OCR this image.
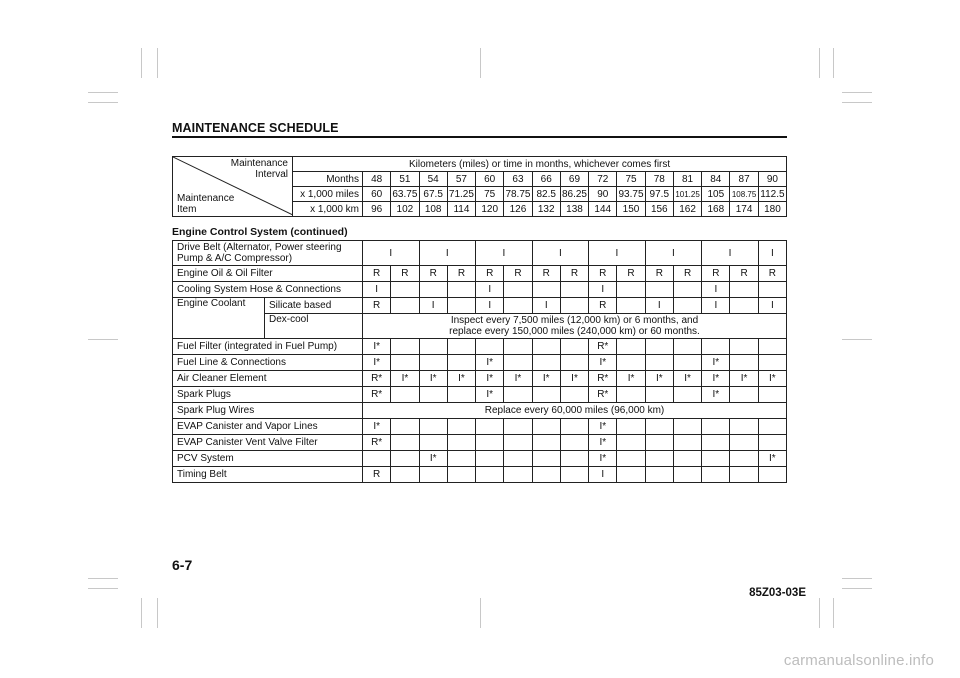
MAINTENANCE SCHEDULE
Maintenance
Interval
Maintenance
Item	Kilometers (miles) or time in months, whichever comes first															
	Months	48	51	54	57	60	63	66	69	72	75	78	81	84	87	90
	x 1,000 miles	60	63.75	67.5	71.25	75	78.75	82.5	86.25	90	93.75	97.5	101.25	105	108.75	112.5
	x 1,000 km	96	102	108	114	120	126	132	138	144	150	156	162	168	174	180
Engine Control System (continued)
Drive Belt (Alternator, Power steering
Pump & A/C Compressor)		I		I		I		I		I		I		I		I
Engine Oil & Oil Filter		R	R	R	R	R	R	R	R	R	R	R	R	R	R	R
Cooling System Hose & Connections		I				I				I				I		
Engine Coolant	Silicate based	R		I		I		I		R		I		I		I
	Dex-cool	Inspect every 7,500 miles (12,000 km) or 6 months, and
replace every 150,000 miles (240,000 km) or 60 months.														

Fuel Filter (integrated in Fuel Pump)		I*								R*						
Fuel Line & Connections		I*				I*				I*				I*		
Air Cleaner Element		R*	I*	I*	I*	I*	I*	I*	I*	R*	I*	I*	I*	I*	I*	I*
Spark Plugs		R*				I*				R*				I*		
Spark Plug Wires		Replace every 60,000 miles (96,000 km)														
EVAP Canister and Vapor Lines		I*								I*						
EVAP Canister Vent Valve Filter		R*								I*						
PCV System				I*						I*						I*
Timing Belt		R								I						
6-7
85Z03-03E
carmanualsonline.info
